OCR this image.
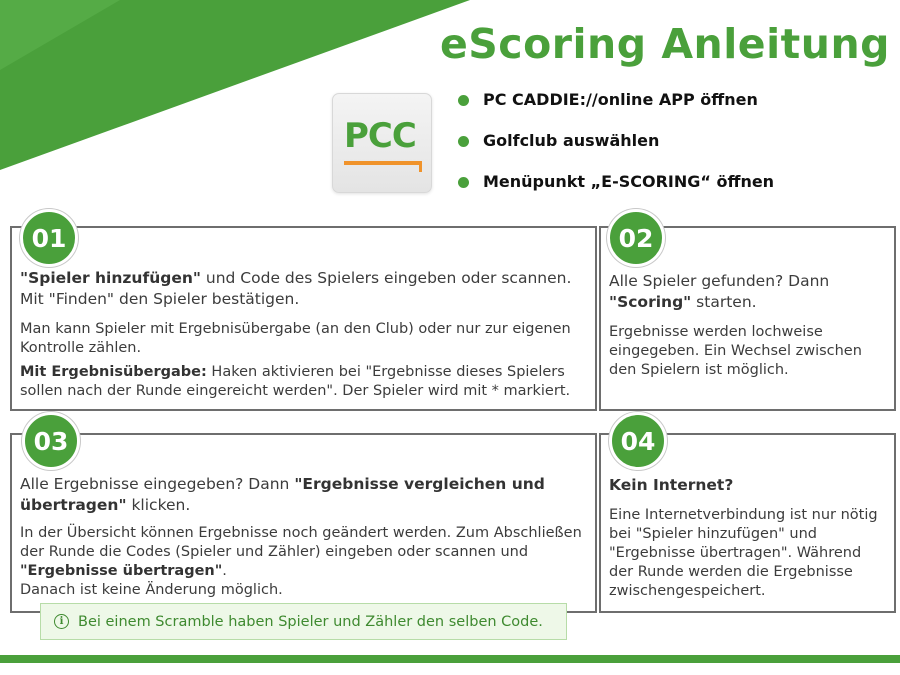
eScoring Anleitung
PCC
PC CADDIE://online APP öffnen
Golfclub auswählen
Menüpunkt „E-SCORING“ öffnen

"Spieler hinzufügen" und Code des Spielers eingeben oder scannen. Mit "Finden" den Spieler bestätigen.

Man kann Spieler mit Ergebnisübergabe (an den Club) oder nur zur eigenen Kontrolle zählen.

Mit Ergebnisübergabe: Haken aktivieren bei "Ergebnisse dieses Spielers sollen nach der Runde eingereicht werden". Der Spieler wird mit * markiert.

01

Alle Spieler gefunden? Dann "Scoring" starten.

Ergebnisse werden lochweise eingegeben. Ein Wechsel zwischen den Spielern ist möglich.

02

Alle Ergebnisse eingegeben? Dann "Ergebnisse vergleichen und übertragen" klicken.

In der Übersicht können Ergebnisse noch geändert werden. Zum Abschließen der Runde die Codes (Spieler und Zähler) eingeben oder scannen und "Ergebnisse übertragen".

Danach ist keine Änderung möglich.

03

Kein Internet?

Eine Internetverbindung ist nur nötig bei "Spieler hinzufügen" und "Ergebnisse übertragen". Während der Runde werden die Ergebnisse zwischengespeichert.

04
i	Bei einem Scramble haben Spieler und Zähler den selben Code.
